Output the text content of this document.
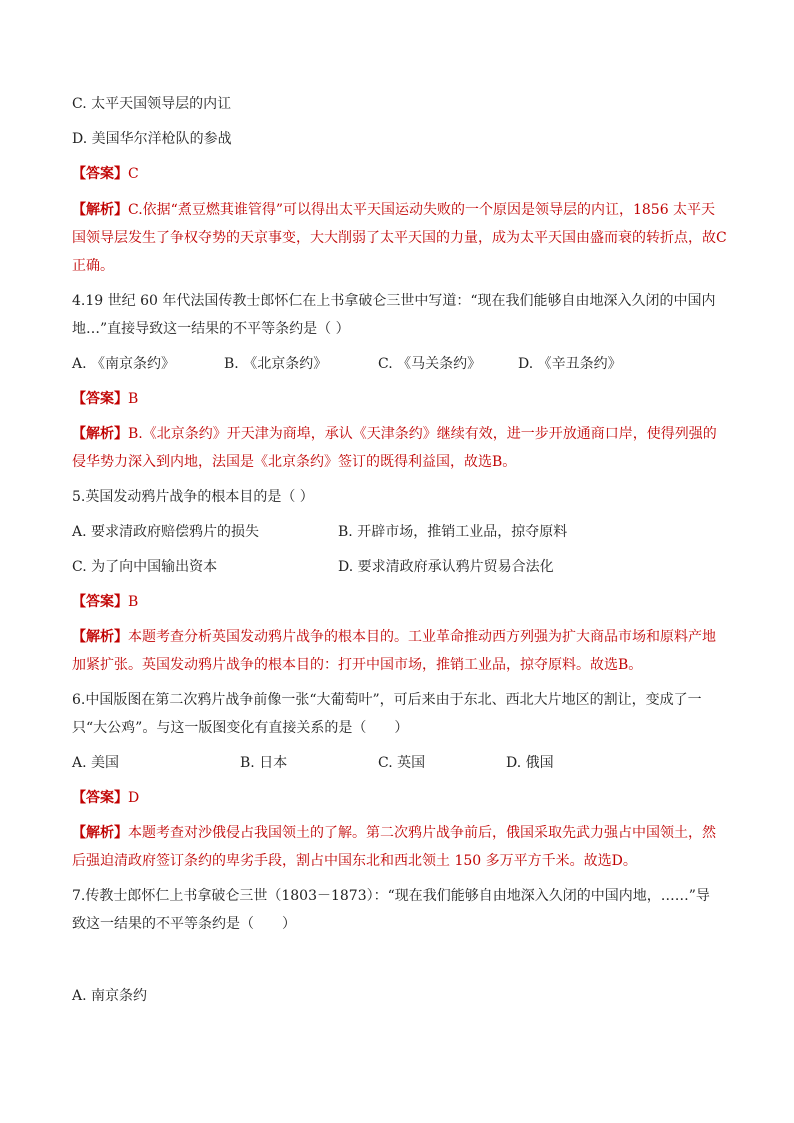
C. 太平天国领导层的内讧
D. 美国华尔洋枪队的参战
【答案】C
【解析】C.依据“煮豆燃萁谁管得”可以得出太平天国运动失败的一个原因是领导层的内讧，1856 太平天
国领导层发生了争权夺势的天京事变，大大削弱了太平天国的力量，成为太平天国由盛而衰的转折点，故C
正确。
4.19 世纪 60 年代法国传教士郎怀仁在上书拿破仑三世中写道：“现在我们能够自由地深入久闭的中国内
地…”直接导致这一结果的不平等条约是（ ）
A. 《南京条约》	B. 《北京条约》	C. 《马关条约》	D. 《辛丑条约》
【答案】B
【解析】B.《北京条约》开天津为商埠，承认《天津条约》继续有效，进一步开放通商口岸，使得列强的
侵华势力深入到内地，法国是《北京条约》签订的既得利益国，故选B。
5.英国发动鸦片战争的根本目的是（ ）
A. 要求清政府赔偿鸦片的损失	B. 开辟市场，推销工业品，掠夺原料
C. 为了向中国输出资本	D. 要求清政府承认鸦片贸易合法化
【答案】B
【解析】本题考查分析英国发动鸦片战争的根本目的。工业革命推动西方列强为扩大商品市场和原料产地
加紧扩张。英国发动鸦片战争的根本目的：打开中国市场，推销工业品，掠夺原料。故选B。
6.中国版图在第二次鸦片战争前像一张“大葡萄叶”，可后来由于东北、西北大片地区的割让，变成了一
只“大公鸡”。与这一版图变化有直接关系的是（　　）
A. 美国	B. 日本	C. 英国	D. 俄国
【答案】D
【解析】本题考查对沙俄侵占我国领土的了解。第二次鸦片战争前后，俄国采取先武力强占中国领土，然
后强迫清政府签订条约的卑劣手段，割占中国东北和西北领土 150 多万平方千米。故选D。
7.传教士郎怀仁上书拿破仑三世（1803－1873）：“现在我们能够自由地深入久闭的中国内地，……”导
致这一结果的不平等条约是（　　）
A. 南京条约
